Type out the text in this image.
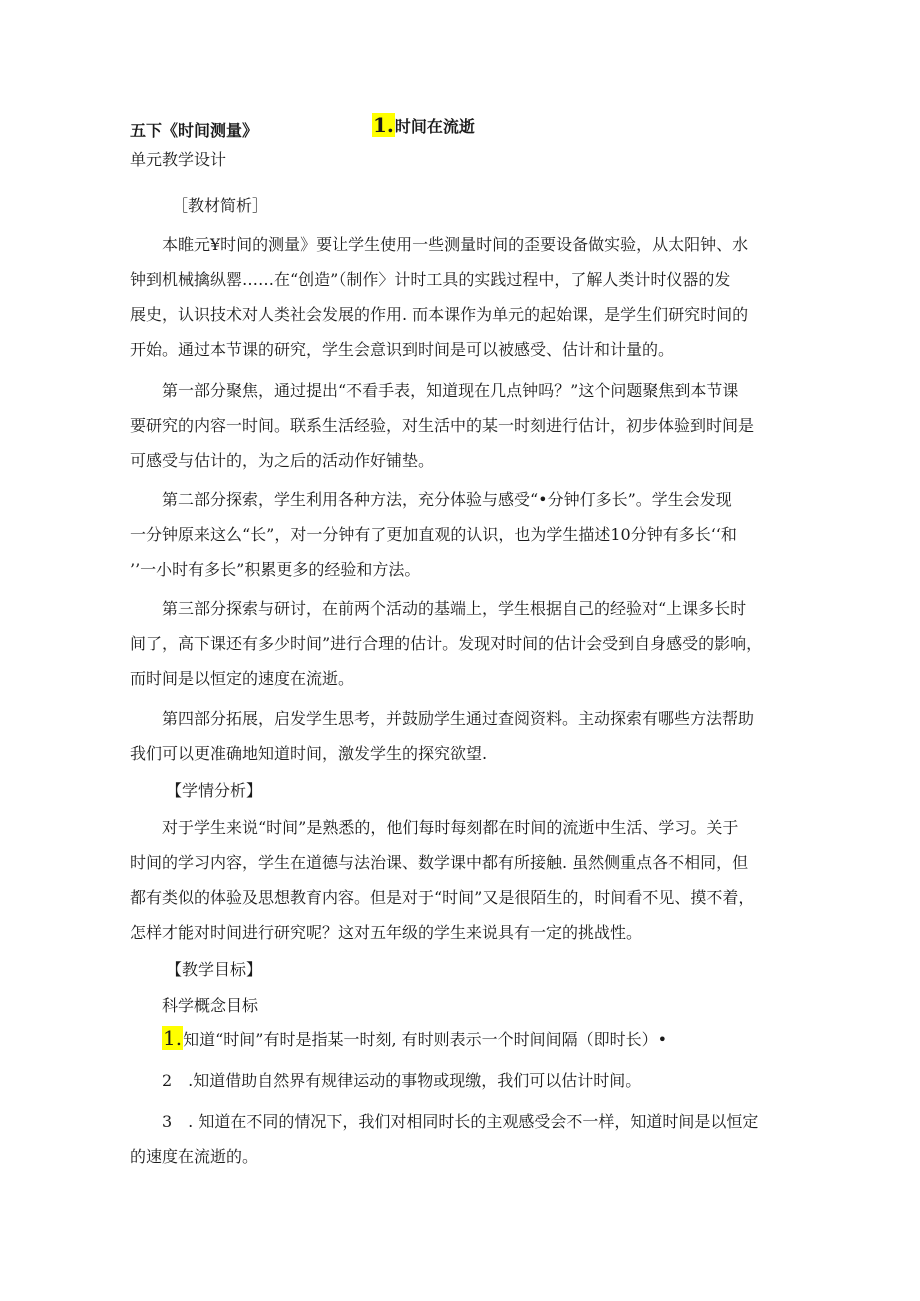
五下《时间测量》	1.时间在流逝
单元教学设计
［教材简析］
本睢元¥时间的测量》要让学生使用一些测量时间的歪要设备做实验，从太阳钟、水
钟到机械擒纵罂……在“创造”（制作〉计时工具的实践过程中，了解人类计时仪器的发
展史，认识技术对人类社会发展的作用. 而本课作为单元的起始课，是学生们研究时间的
开始。通过本节课的研究，学生会意识到时间是可以被感受、估计和计量的。
第一部分聚焦，通过提出“不看手表，知道现在几点钟吗？”这个问题聚焦到本节课
要研究的内容一时间。联系生活经验，对生活中的某一时刻进行估计，初步体验到时间是
可感受与估计的，为之后的活动作好铺垫。
第二部分探索，学生利用各种方法，充分体验与感受“•分钟仃多长”。学生会发现
一分钟原来这么“长”，对一分钟有了更加直观的认识，也为学生描述10分钟有多长‘‘和
’’一小时有多长”积累更多的经验和方法。
第三部分探索与研讨，在前两个活动的基端上，学生根据自己的经验对“上课多长时
间了，高下课还有多少时间”进行合理的估计。发现对时间的估计会受到自身感受的影响，
而时间是以恒定的速度在流逝。
第四部分拓展，启发学生思考，并鼓励学生通过查阅资料。主动探索有哪些方法帮助
我们可以更准确地知道时间，激发学生的探究欲望.
【学情分析】
对于学生来说“时间”是熟悉的，他们每时每刻都在时间的流逝中生活、学习。关于
时间的学习内容，学生在道德与法治课、数学课中都有所接触. 虽然侧重点各不相同，但
都有类似的体验及思想教育内容。但是对于“时间”又是很陌生的，时间看不见、摸不着，
怎样才能对时间进行研究呢？这对五年级的学生来说具有一定的挑战性。
【教学目标】
科学概念目标
1.知道“时间”有时是指某一时刻, 有时则表示一个时间间隔（即时长）•
2　.知道借助自然界有规律运动的事物或现缴，我们可以估计时间。
3　. 知道在不同的情况下，我们对相同时长的主观感受会不一样，知道时间是以恒定
的速度在流逝的。
